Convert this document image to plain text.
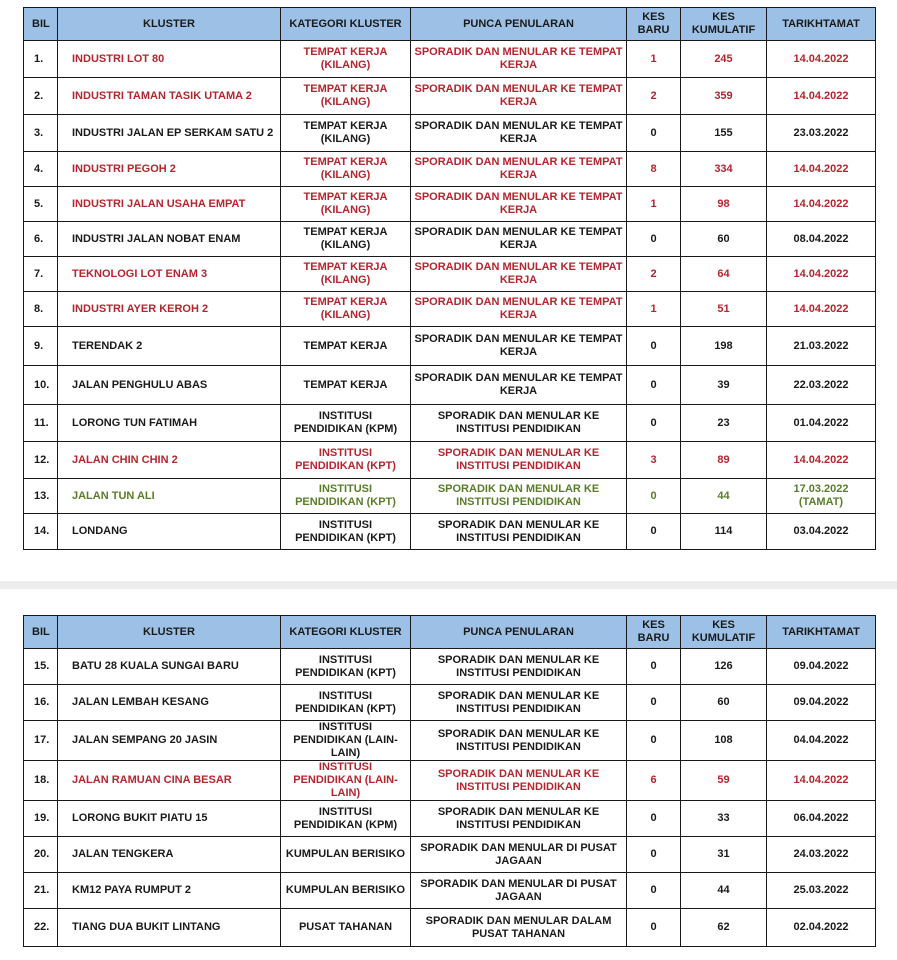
BIL	KLUSTER	KATEGORI KLUSTER	PUNCA PENULARAN	KES BARU	KES KUMULATIF	TARIKHTAMAT
1.	INDUSTRI LOT 80	TEMPAT KERJA (KILANG)	SPORADIK DAN MENULAR KE TEMPAT KERJA	1	245	14.04.2022
2.	INDUSTRI TAMAN TASIK UTAMA 2	TEMPAT KERJA (KILANG)	SPORADIK DAN MENULAR KE TEMPAT KERJA	2	359	14.04.2022
3.	INDUSTRI JALAN EP SERKAM SATU 2	TEMPAT KERJA (KILANG)	SPORADIK DAN MENULAR KE TEMPAT KERJA	0	155	23.03.2022
4.	INDUSTRI PEGOH 2	TEMPAT KERJA (KILANG)	SPORADIK DAN MENULAR KE TEMPAT KERJA	8	334	14.04.2022
5.	INDUSTRI JALAN USAHA EMPAT	TEMPAT KERJA (KILANG)	SPORADIK DAN MENULAR KE TEMPAT KERJA	1	98	14.04.2022
6.	INDUSTRI JALAN NOBAT ENAM	TEMPAT KERJA (KILANG)	SPORADIK DAN MENULAR KE TEMPAT KERJA	0	60	08.04.2022
7.	TEKNOLOGI LOT ENAM 3	TEMPAT KERJA (KILANG)	SPORADIK DAN MENULAR KE TEMPAT KERJA	2	64	14.04.2022
8.	INDUSTRI AYER KEROH 2	TEMPAT KERJA (KILANG)	SPORADIK DAN MENULAR KE TEMPAT KERJA	1	51	14.04.2022
9.	TERENDAK 2	TEMPAT KERJA	SPORADIK DAN MENULAR KE TEMPAT KERJA	0	198	21.03.2022
10.	JALAN PENGHULU ABAS	TEMPAT KERJA	SPORADIK DAN MENULAR KE TEMPAT KERJA	0	39	22.03.2022
11.	LORONG TUN FATIMAH	INSTITUSI PENDIDIKAN (KPM)	SPORADIK DAN MENULAR KE INSTITUSI PENDIDIKAN	0	23	01.04.2022
12.	JALAN CHIN CHIN 2	INSTITUSI PENDIDIKAN (KPT)	SPORADIK DAN MENULAR KE INSTITUSI PENDIDIKAN	3	89	14.04.2022
13.	JALAN TUN ALI	INSTITUSI PENDIDIKAN (KPT)	SPORADIK DAN MENULAR KE INSTITUSI PENDIDIKAN	0	44	17.03.2022 (TAMAT)
14.	LONDANG	INSTITUSI PENDIDIKAN (KPT)	SPORADIK DAN MENULAR KE INSTITUSI PENDIDIKAN	0	114	03.04.2022
BIL	KLUSTER	KATEGORI KLUSTER	PUNCA PENULARAN	KES BARU	KES KUMULATIF	TARIKHTAMAT
15.	BATU 28 KUALA SUNGAI BARU	INSTITUSI PENDIDIKAN (KPT)	SPORADIK DAN MENULAR KE INSTITUSI PENDIDIKAN	0	126	09.04.2022
16.	JALAN LEMBAH KESANG	INSTITUSI PENDIDIKAN (KPT)	SPORADIK DAN MENULAR KE INSTITUSI PENDIDIKAN	0	60	09.04.2022
17.	JALAN SEMPANG 20 JASIN	INSTITUSI PENDIDIKAN (LAIN-LAIN)	SPORADIK DAN MENULAR KE INSTITUSI PENDIDIKAN	0	108	04.04.2022
18.	JALAN RAMUAN CINA BESAR	INSTITUSI PENDIDIKAN (LAIN-LAIN)	SPORADIK DAN MENULAR KE INSTITUSI PENDIDIKAN	6	59	14.04.2022
19.	LORONG BUKIT PIATU 15	INSTITUSI PENDIDIKAN (KPM)	SPORADIK DAN MENULAR KE INSTITUSI PENDIDIKAN	0	33	06.04.2022
20.	JALAN TENGKERA	KUMPULAN BERISIKO	SPORADIK DAN MENULAR DI PUSAT JAGAAN	0	31	24.03.2022
21.	KM12 PAYA RUMPUT 2	KUMPULAN BERISIKO	SPORADIK DAN MENULAR DI PUSAT JAGAAN	0	44	25.03.2022
22.	TIANG DUA BUKIT LINTANG	PUSAT TAHANAN	SPORADIK DAN MENULAR DALAM PUSAT TAHANAN	0	62	02.04.2022
